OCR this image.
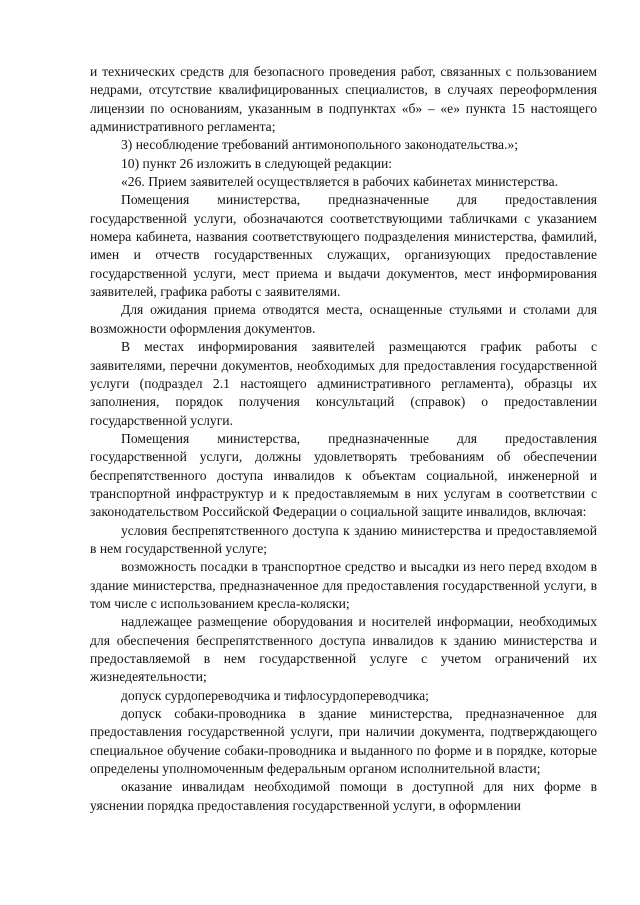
и технических средств для безопасного проведения работ, связанных с пользованием недрами, отсутствие квалифицированных специалистов, в случаях переоформления лицензии по основаниям, указанным в подпунктах «б» – «е» пункта 15 настоящего административного регламента;

3) несоблюдение требований антимонопольного законодательства.»;

10) пункт 26 изложить в следующей редакции:

«26. Прием заявителей осуществляется в рабочих кабинетах министерства.

Помещения министерства, предназначенные для предоставления государственной услуги, обозначаются соответствующими табличками с указанием номера кабинета, названия соответствующего подразделения министерства, фамилий, имен и отчеств государственных служащих, организующих предоставление государственной услуги, мест приема и выдачи документов, мест информирования заявителей, графика работы с заявителями.

Для ожидания приема отводятся места, оснащенные стульями и столами для возможности оформления документов.

В местах информирования заявителей размещаются график работы с заявителями, перечни документов, необходимых для предоставления государственной услуги (подраздел 2.1 настоящего административного регламента), образцы их заполнения, порядок получения консультаций (справок) о предоставлении государственной услуги.

Помещения министерства, предназначенные для предоставления государственной услуги, должны удовлетворять требованиям об обеспечении беспрепятственного доступа инвалидов к объектам социальной, инженерной и транспортной инфраструктур и к предоставляемым в них услугам в соответствии с законодательством Российской Федерации о социальной защите инвалидов, включая:

условия беспрепятственного доступа к зданию министерства и предоставляемой в нем государственной услуге;

возможность посадки в транспортное средство и высадки из него перед входом в здание министерства, предназначенное для предоставления государственной услуги, в том числе с использованием кресла-коляски;

надлежащее размещение оборудования и носителей информации, необходимых для обеспечения беспрепятственного доступа инвалидов к зданию министерства и предоставляемой в нем государственной услуге с учетом ограничений их жизнедеятельности;

допуск сурдопереводчика и тифлосурдопереводчика;

допуск собаки-проводника в здание министерства, предназначенное для предоставления государственной услуги, при наличии документа, подтверждающего специальное обучение собаки-проводника и выданного по форме и в порядке, которые определены уполномоченным федеральным органом исполнительной власти;

оказание инвалидам необходимой помощи в доступной для них форме в уяснении порядка предоставления государственной услуги, в оформлении
